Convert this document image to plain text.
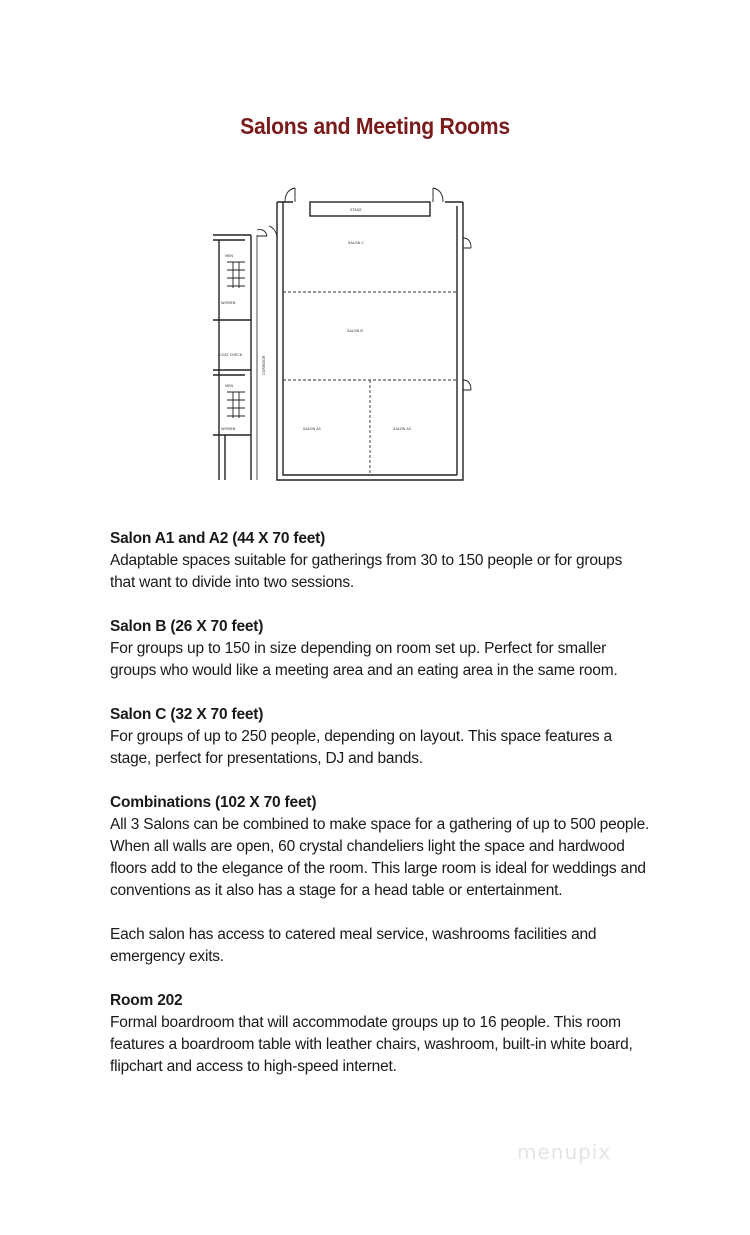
Salons and Meeting Rooms
STAGE
SALON C
SALON B
SALON A1	SALON A2
MEN
WOMEN
COAT CHECK
MEN
WOMEN
CORRIDOR
Salon A1 and A2 (44 X 70 feet)

Adaptable spaces suitable for gatherings from 30 to 150 people or for groups that want to divide into two sessions.

Salon B (26 X 70 feet)

For groups up to 150 in size depending on room set up. Perfect for smaller groups who would like a meeting area and an eating area in the same room.

Salon C (32 X 70 feet)

For groups of up to 250 people, depending on layout. This space features a stage, perfect for presentations, DJ and bands.

Combinations (102 X 70 feet)

All 3 Salons can be combined to make space for a gathering of up to 500 people. When all walls are open, 60 crystal chandeliers light the space and hardwood floors add to the elegance of the room. This large room is ideal for weddings and conventions as it also has a stage for a head table or entertainment.

Each salon has access to catered meal service, washrooms facilities and emergency exits.

Room 202

Formal boardroom that will accommodate groups up to 16 people. This room features a boardroom table with leather chairs, washroom, built-in white board, flipchart and access to high-speed internet.

menupix
